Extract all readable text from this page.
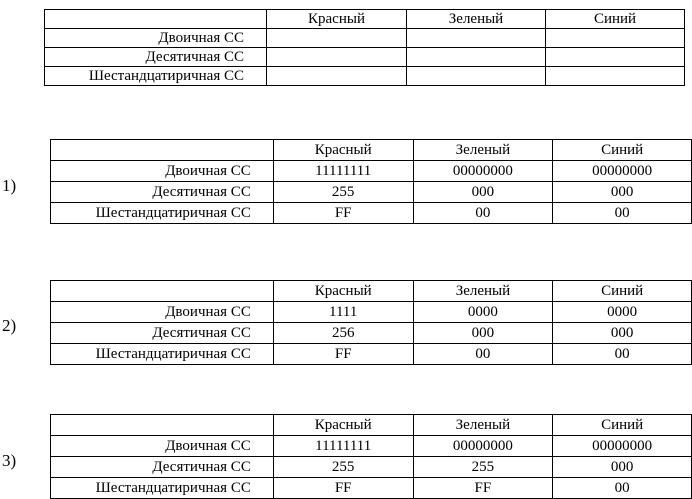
	Красный	Зеленый	Синий
Двоичная СС			
Десятичная СС			
Шестандцатиричная СС			
1)
	Красный	Зеленый	Синий
Двоичная СС	11111111	00000000	00000000
Десятичная СС	255	000	000
Шестандцатиричная СС	FF	00	00
2)
	Красный	Зеленый	Синий
Двоичная СС	1111	0000	0000
Десятичная СС	256	000	000
Шестандцатиричная СС	FF	00	00
3)
	Красный	Зеленый	Синий
Двоичная СС	11111111	00000000	00000000
Десятичная СС	255	255	000
Шестандцатиричная СС	FF	FF	00
